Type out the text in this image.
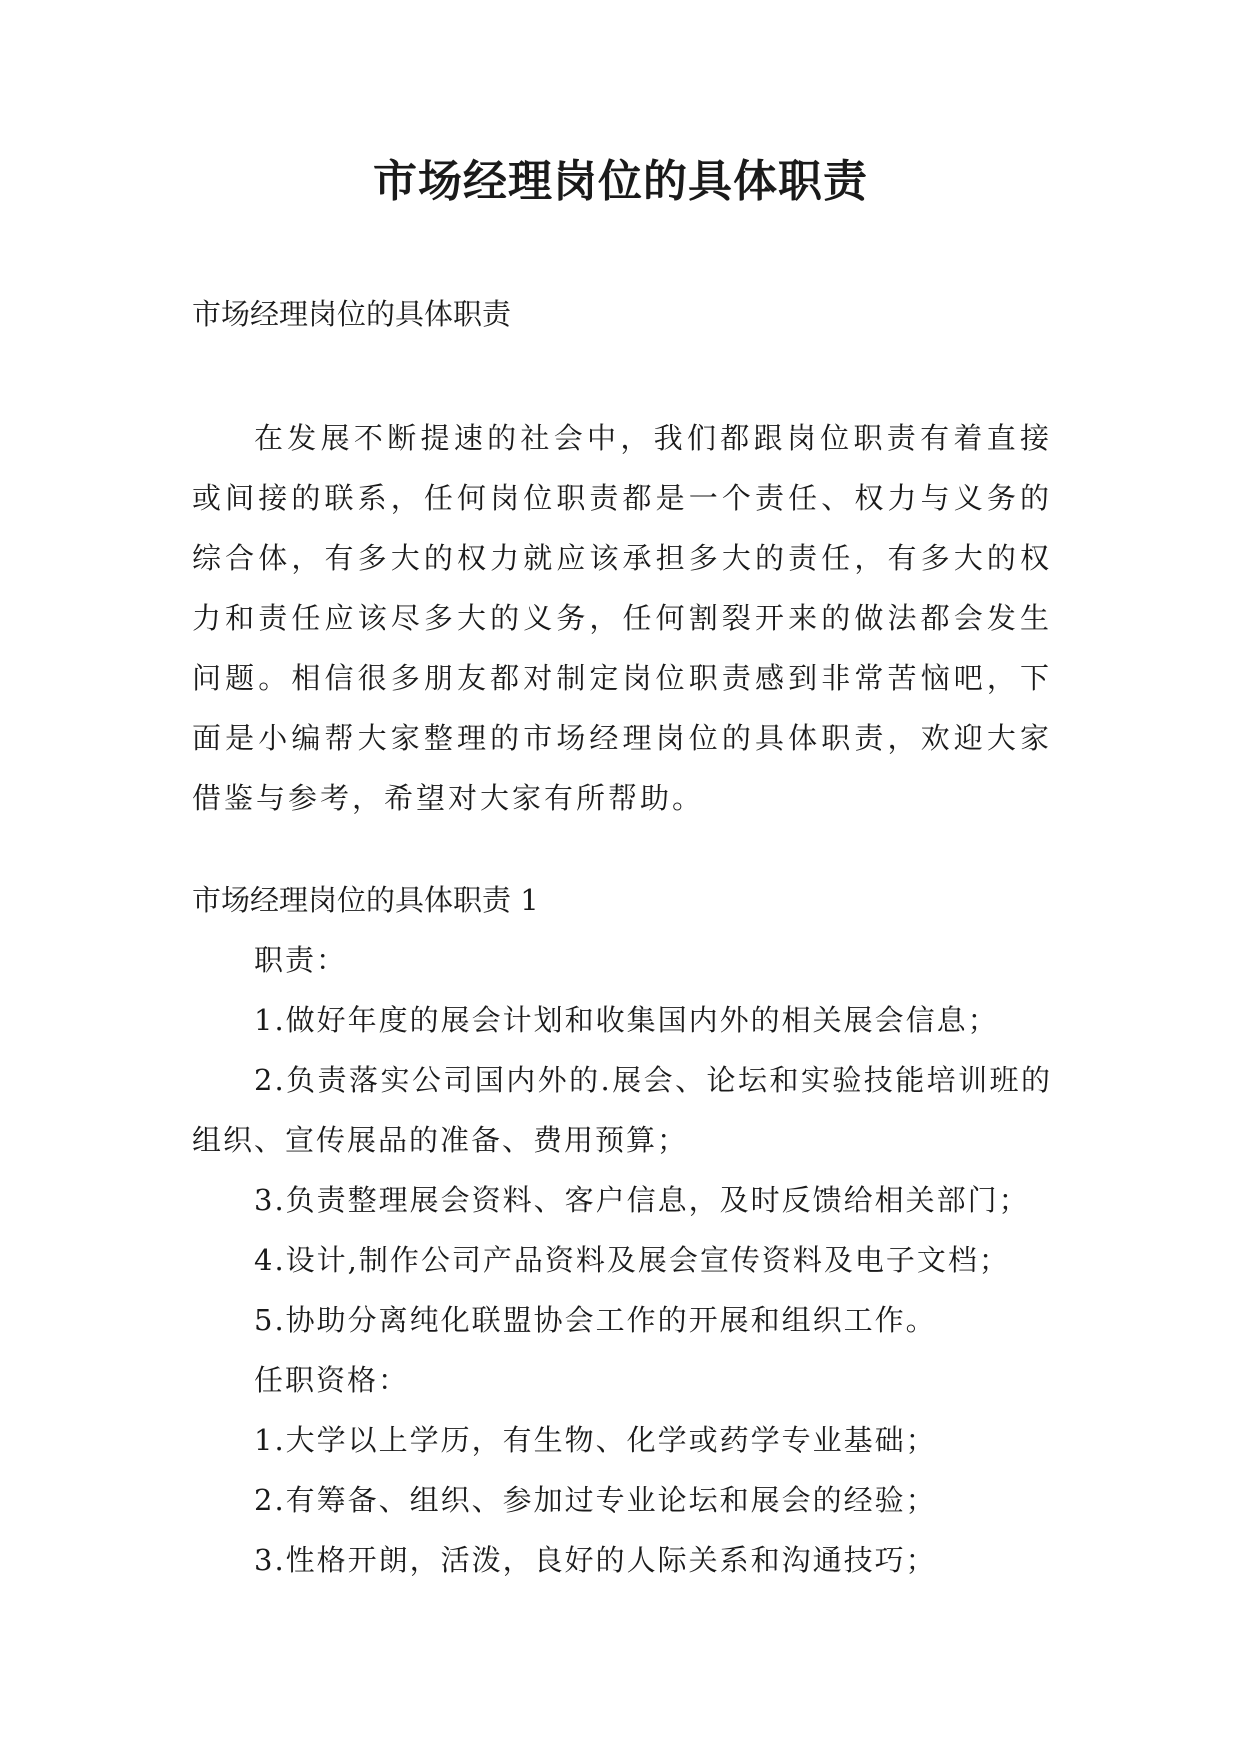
市场经理岗位的具体职责

市场经理岗位的具体职责

在发展不断提速的社会中，我们都跟岗位职责有着直接或间接的联系，任何岗位职责都是一个责任、权力与义务的综合体，有多大的权力就应该承担多大的责任，有多大的权力和责任应该尽多大的义务，任何割裂开来的做法都会发生问题。相信很多朋友都对制定岗位职责感到非常苦恼吧，下面是小编帮大家整理的市场经理岗位的具体职责，欢迎大家借鉴与参考，希望对大家有所帮助。

市场经理岗位的具体职责 1

职责：

1.做好年度的展会计划和收集国内外的相关展会信息；

2.负责落实公司国内外的.展会、论坛和实验技能培训班的组织、宣传展品的准备、费用预算；

3.负责整理展会资料、客户信息，及时反馈给相关部门；

4.设计,制作公司产品资料及展会宣传资料及电子文档；

5.协助分离纯化联盟协会工作的开展和组织工作。

任职资格：

1.大学以上学历，有生物、化学或药学专业基础；

2.有筹备、组织、参加过专业论坛和展会的经验；

3.性格开朗，活泼，良好的人际关系和沟通技巧；
